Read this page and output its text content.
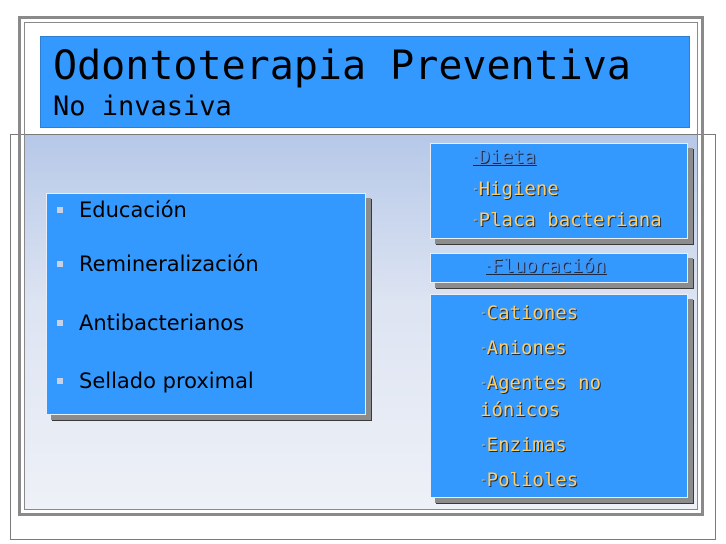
Odontoterapia Preventiva

No invasiva

Educación
Remineralización
Antibacterianos
Sellado proximal
-Dieta
-Higiene
-Placa bacteriana
-Fluoración
-Cationes
-Aniones
-Agentes no
iónicos
-Enzimas
-Polioles
